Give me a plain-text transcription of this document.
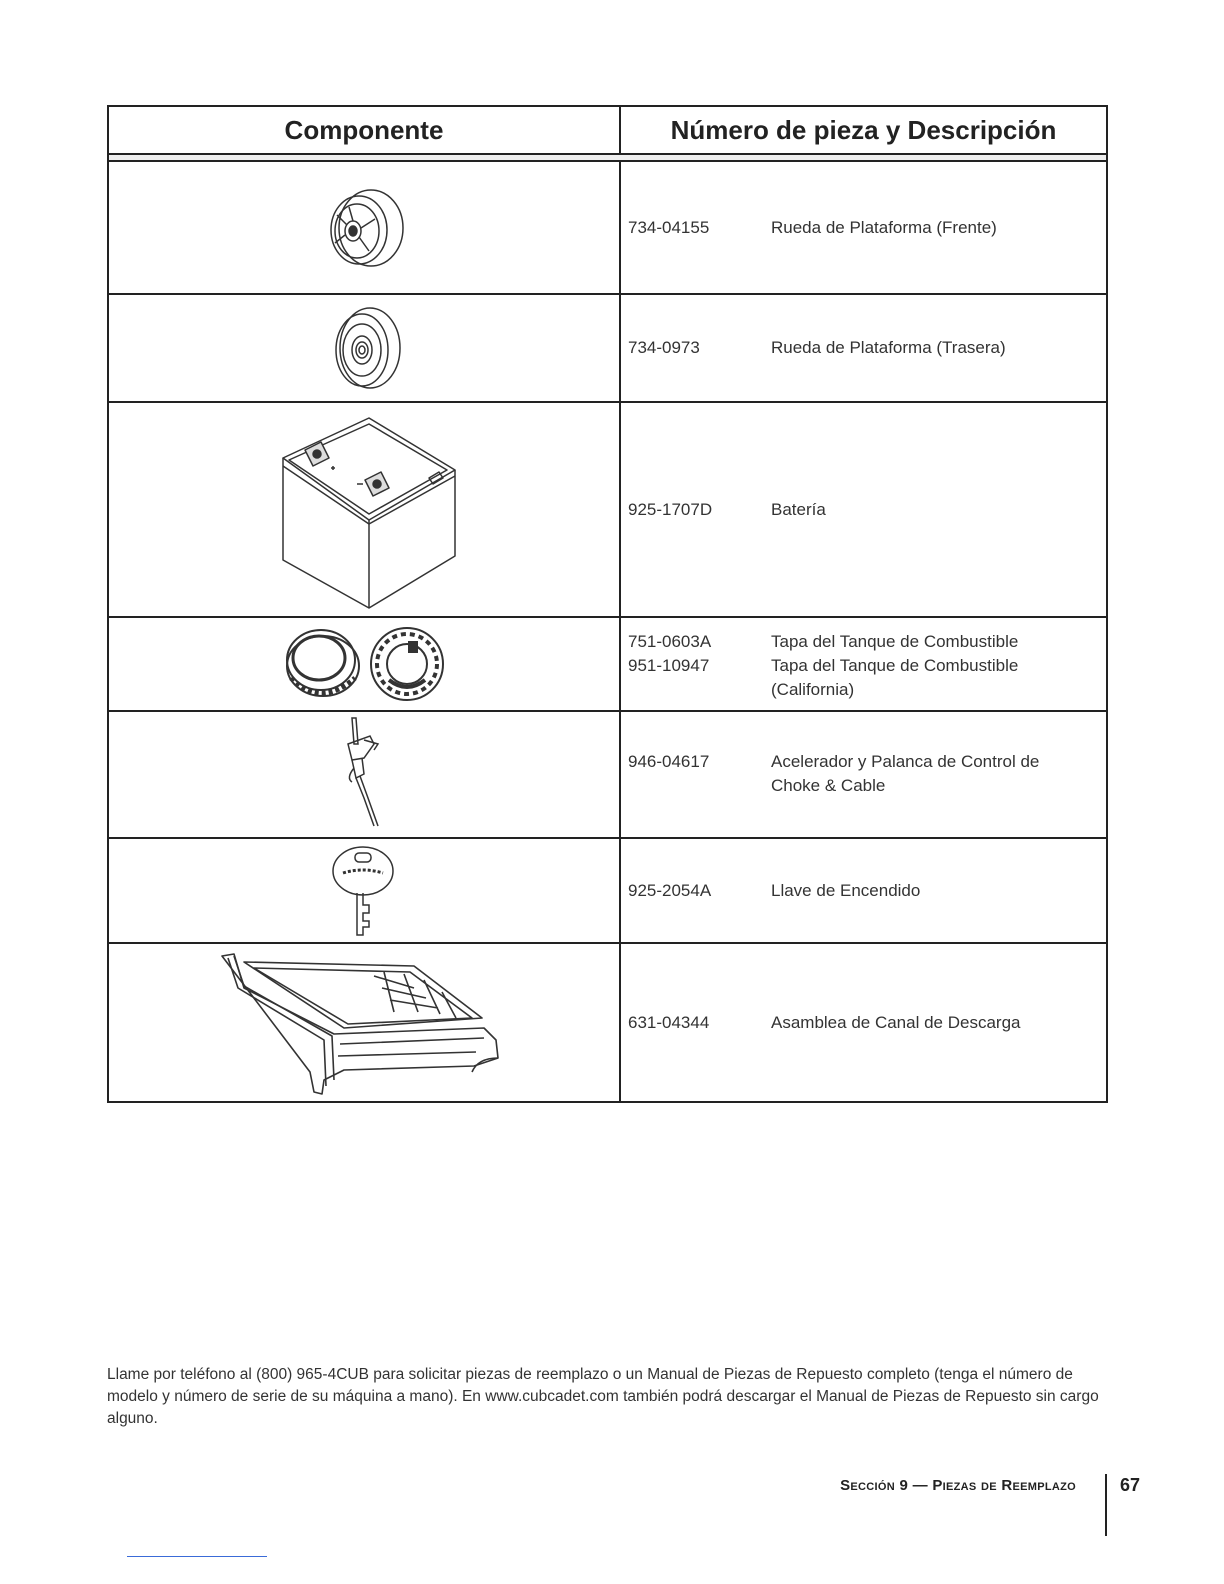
Componente	Número de pieza y Descripción
734-04155	Rueda de Plataforma (Frente)
734-0973	Rueda de Plataforma (Trasera)
925-1707D	Batería
751-0603A	Tapa del Tanque de Combustible
951-10947	Tapa del Tanque de Combustible (California)
946-04617	Acelerador y Palanca de Control de Choke & Cable
925-2054A	Llave de Encendido
631-04344	Asamblea de Canal de Descarga
Llame por teléfono al (800) 965-4CUB para solicitar piezas de reemplazo o un Manual de Piezas de Repuesto completo (tenga el número de modelo y número de serie de su máquina a mano). En www.cubcadet.com también podrá descargar el Manual de Piezas de Repuesto sin cargo alguno.
Sección 9 — Piezas de Reemplazo 67
